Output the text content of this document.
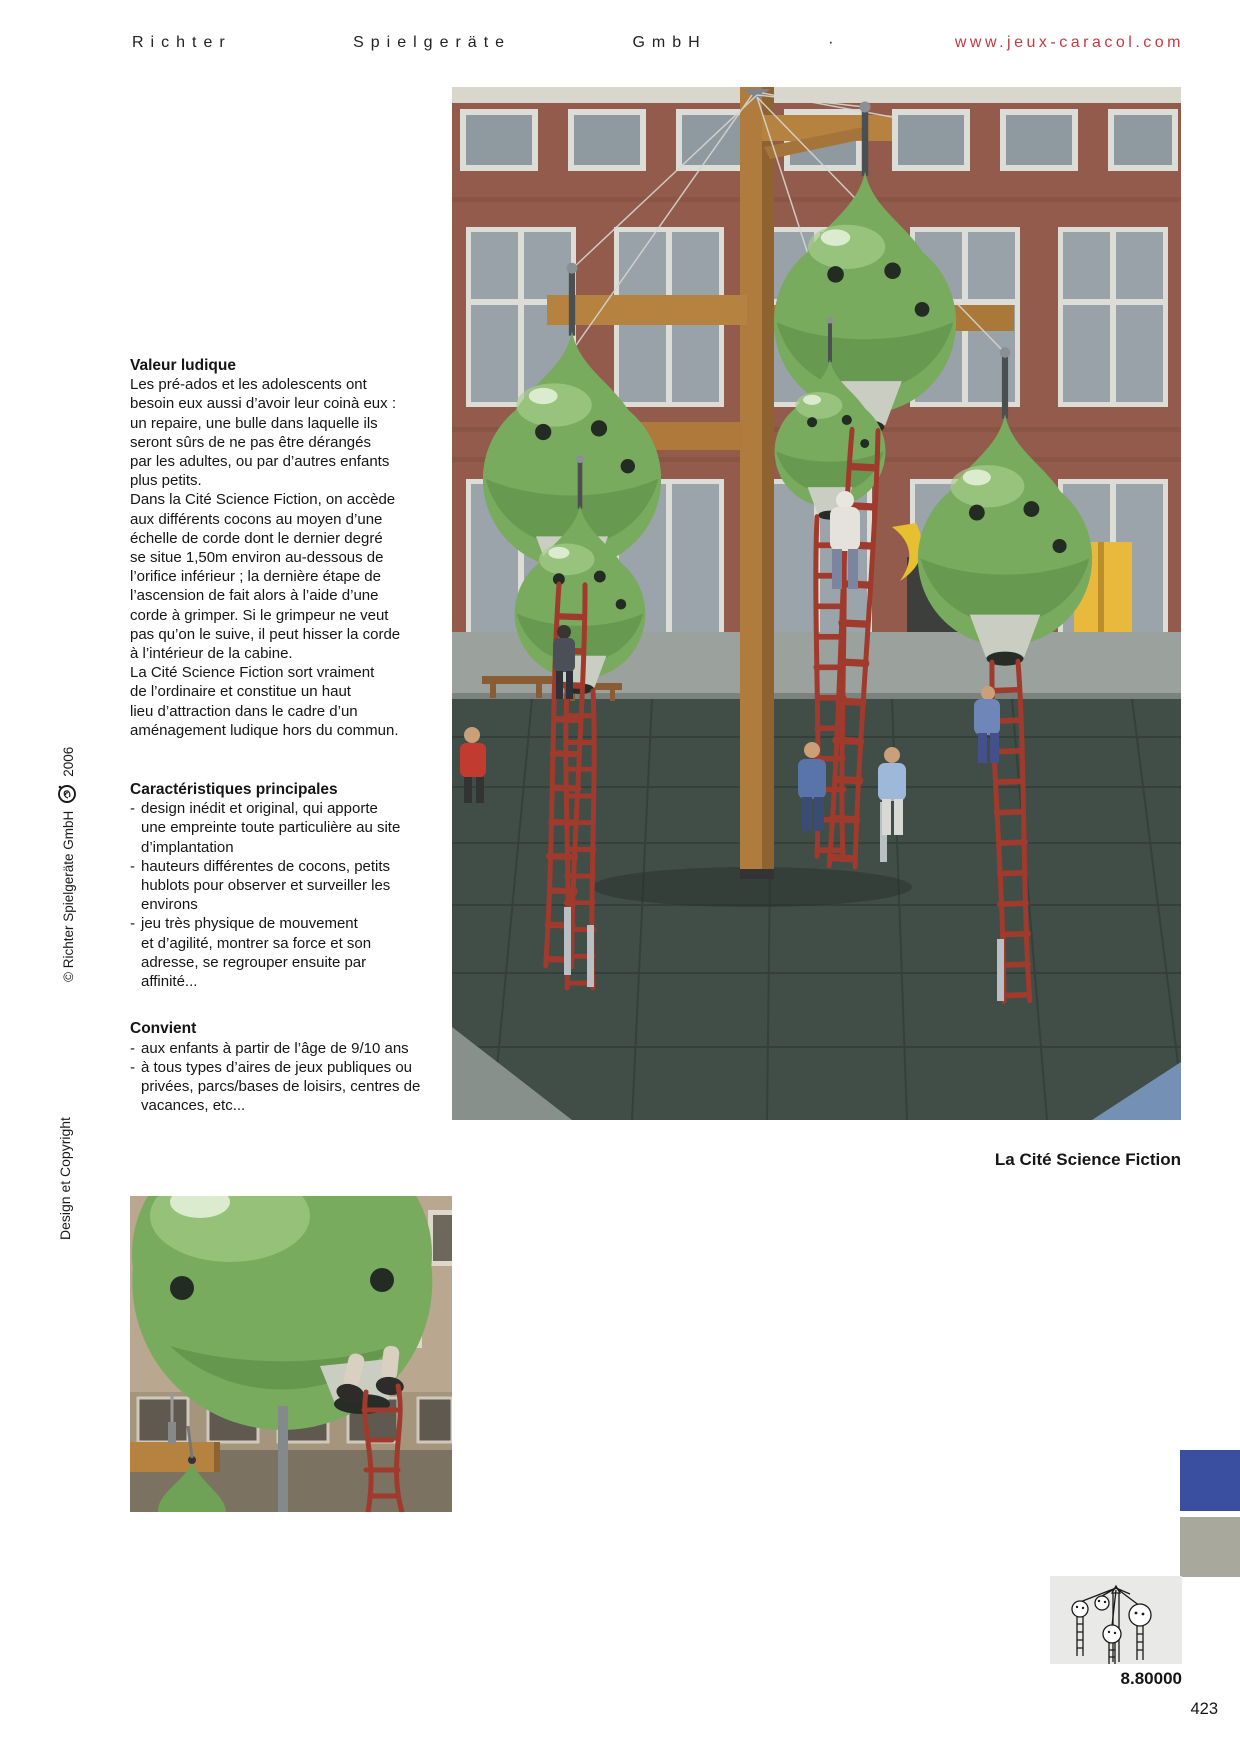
Richter	Spielgeräte	GmbH	·	www.jeux-caracol.com
© Richter Spielgeräte GmbH
2006
Design et Copyright
Valeur ludique
Les pré-ados et les adolescents ont
besoin eux aussi d’avoir leur coinà eux :
un repaire, une bulle dans laquelle ils
seront sûrs de ne pas être dérangés
par les adultes, ou par d’autres enfants
plus petits.
Dans la Cité Science Fiction, on accède
aux différents cocons au moyen d’une
échelle de corde dont le dernier degré
se situe 1,50m environ au-dessous de
l’orifice inférieur ; la dernière étape de
l’ascension de fait alors à l’aide d’une
corde à grimper. Si le grimpeur ne veut
pas qu’on le suive, il peut hisser la corde
à l’intérieur de la cabine.
La Cité Science Fiction sort vraiment
de l’ordinaire et constitue un haut
lieu d’attraction dans le cadre d’un
aménagement ludique hors du commun.
Caractéristiques principales
- design inédit et original, qui apporte
une empreinte toute particulière au site
d’implantation
- hauteurs différentes de cocons, petits
hublots pour observer et surveiller les
environs
- jeu très physique de mouvement
et d’agilité, montrer sa force et son
adresse, se regrouper ensuite par
affinité...
Convient
- aux enfants à partir de l’âge de 9/10 ans
- à tous types d’aires de jeux publiques ou
privées, parcs/bases de loisirs, centres de
vacances, etc...
La Cité Science Fiction
8.80000
423
